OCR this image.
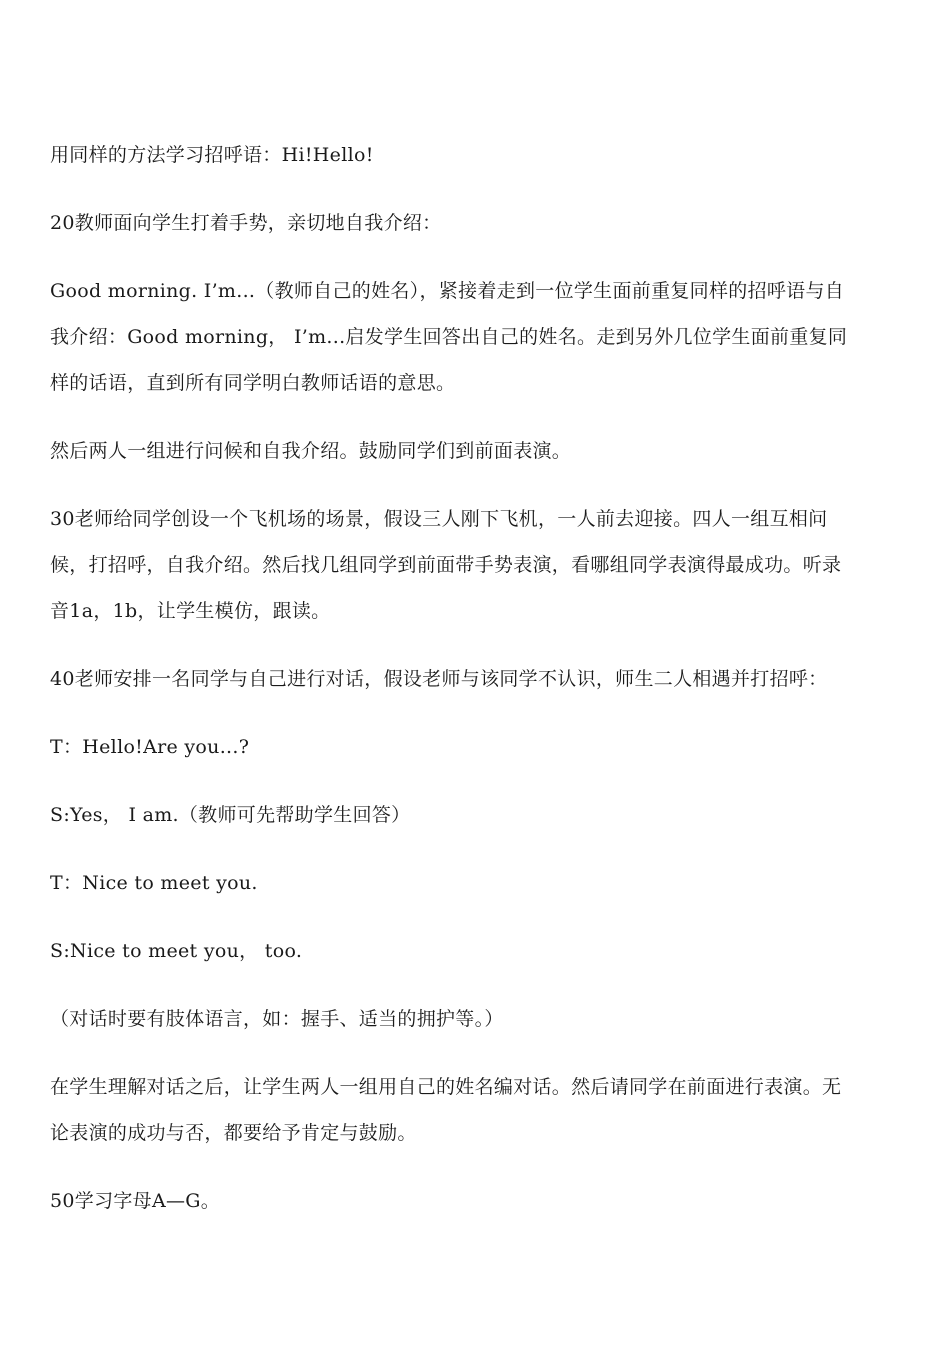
用同样的方法学习招呼语：Hi!Hello!

20教师面向学生打着手势，亲切地自我介绍：

Good morning. I’m...（教师自己的姓名），紧接着走到一位学生面前重复同样的招呼语与自我介绍：Good morning， I’m...启发学生回答出自己的姓名。走到另外几位学生面前重复同样的话语，直到所有同学明白教师话语的意思。

然后两人一组进行问候和自我介绍。鼓励同学们到前面表演。

30老师给同学创设一个飞机场的场景，假设三人刚下飞机，一人前去迎接。四人一组互相问候，打招呼，自我介绍。然后找几组同学到前面带手势表演，看哪组同学表演得最成功。听录音1a，1b，让学生模仿，跟读。

40老师安排一名同学与自己进行对话，假设老师与该同学不认识，师生二人相遇并打招呼：

T：Hello!Are you...?

S:Yes， I am.（教师可先帮助学生回答）

T：Nice to meet you.

S:Nice to meet you， too.

（对话时要有肢体语言，如：握手、适当的拥护等。）

在学生理解对话之后，让学生两人一组用自己的姓名编对话。然后请同学在前面进行表演。无论表演的成功与否，都要给予肯定与鼓励。

50学习字母A—G。
